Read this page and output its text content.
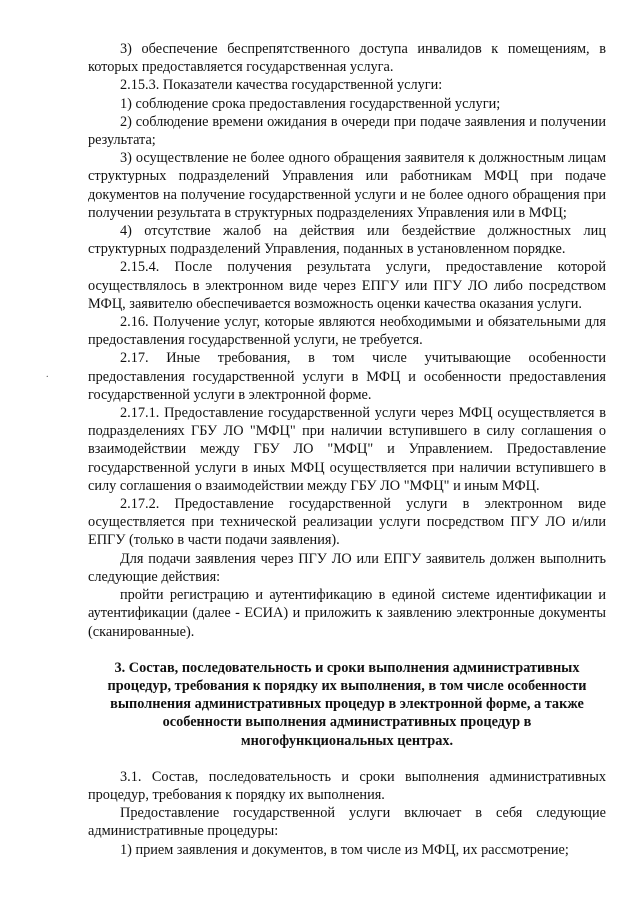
.

3) обеспечение беспрепятственного доступа инвалидов к помещениям, в которых предоставляется государственная услуга.

2.15.3. Показатели качества государственной услуги:

1) соблюдение срока предоставления государственной услуги;

2) соблюдение времени ожидания в очереди при подаче заявления и получении результата;

3) осуществление не более одного обращения заявителя к должностным лицам структурных подразделений Управления или работникам МФЦ при подаче документов на получение государственной услуги и не более одного обращения при получении результата в структурных подразделениях Управления или в МФЦ;

4) отсутствие жалоб на действия или бездействие должностных лиц структурных подразделений Управления, поданных в установленном порядке.

2.15.4. После получения результата услуги, предоставление которой осуществлялось в электронном виде через ЕПГУ или ПГУ ЛО либо посредством МФЦ, заявителю обеспечивается возможность оценки качества оказания услуги.

2.16. Получение услуг, которые являются необходимыми и обязательными для предоставления государственной услуги, не требуется.

2.17. Иные требования, в том числе учитывающие особенности предоставления государственной услуги в МФЦ и особенности предоставления государственной услуги в электронной форме.

2.17.1. Предоставление государственной услуги через МФЦ осуществляется в подразделениях ГБУ ЛО "МФЦ" при наличии вступившего в силу соглашения о взаимодействии между ГБУ ЛО "МФЦ" и Управлением. Предоставление государственной услуги в иных МФЦ осуществляется при наличии вступившего в силу соглашения о взаимодействии между ГБУ ЛО "МФЦ" и иным МФЦ.

2.17.2. Предоставление государственной услуги в электронном виде осуществляется при технической реализации услуги посредством ПГУ ЛО и/или ЕПГУ (только в части подачи заявления).

Для подачи заявления через ПГУ ЛО или ЕПГУ заявитель должен выполнить следующие действия:

пройти регистрацию и аутентификацию в единой системе идентификации и аутентификации (далее - ЕСИА) и приложить к заявлению электронные документы (сканированные).

3. Состав, последовательность и сроки выполнения административных процедур, требования к порядку их выполнения, в том числе особенности выполнения административных процедур в электронной форме, а также особенности выполнения административных процедур в многофункциональных центрах.

3.1. Состав, последовательность и сроки выполнения административных процедур, требования к порядку их выполнения.

Предоставление государственной услуги включает в себя следующие административные процедуры:

1) прием заявления и документов, в том числе из МФЦ, их рассмотрение;
